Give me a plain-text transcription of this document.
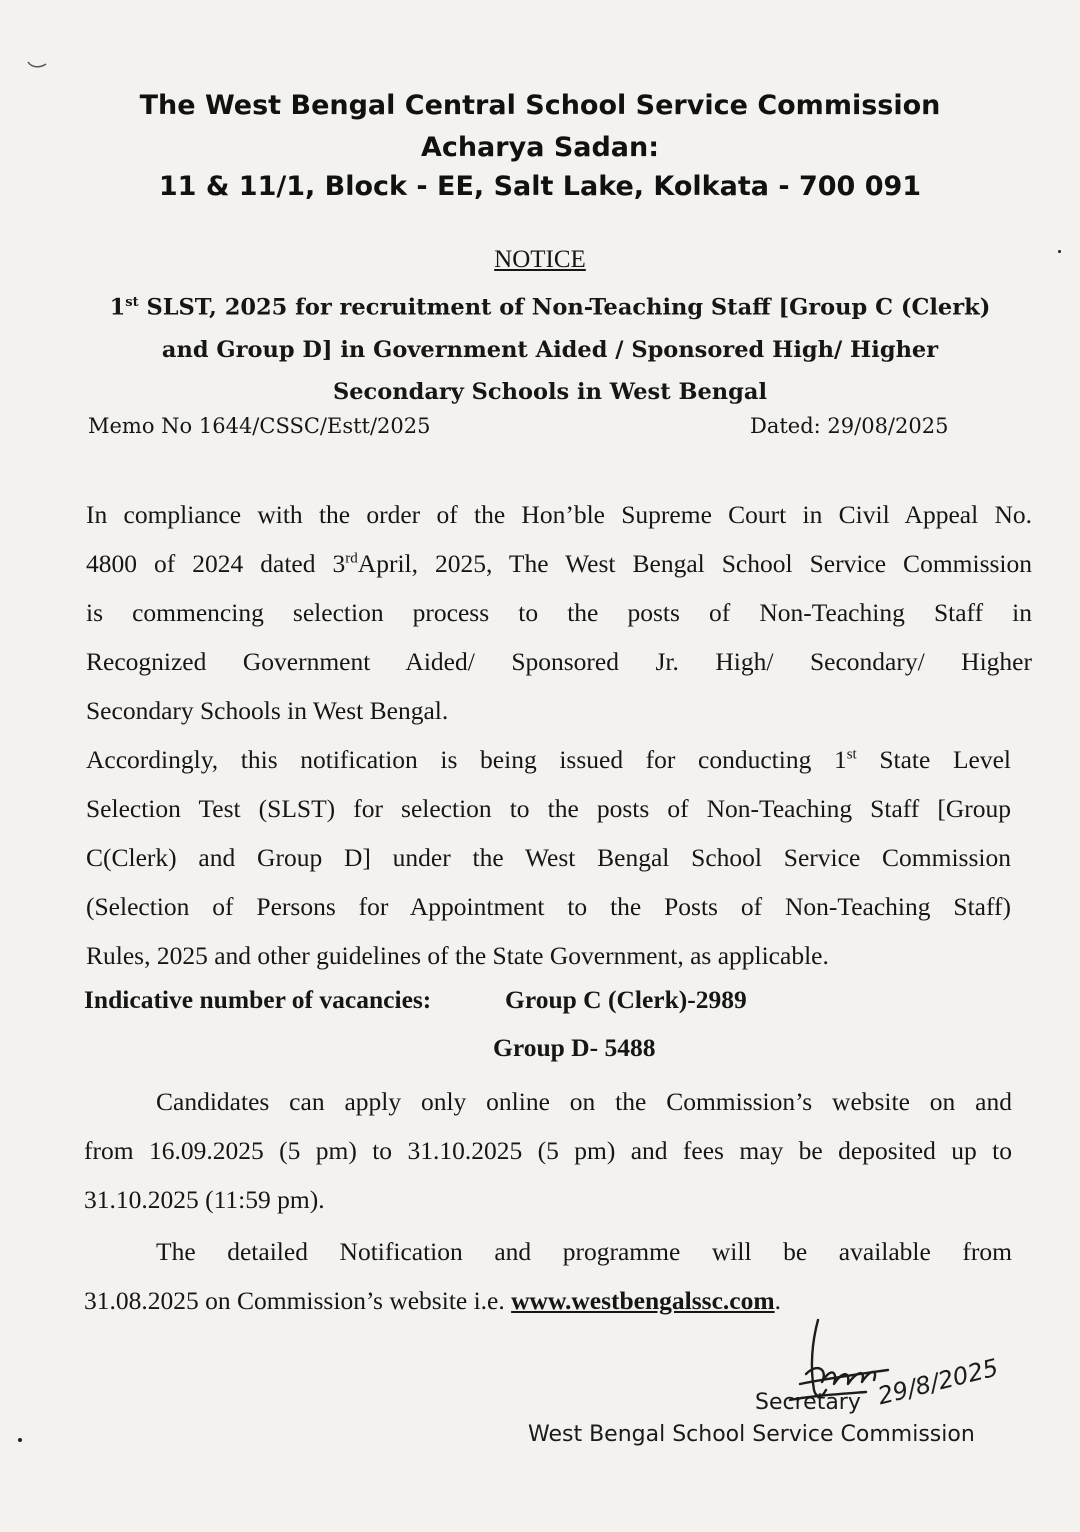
The West Bengal Central School Service Commission
Acharya Sadan:
11 & 11/1, Block - EE, Salt Lake, Kolkata - 700 091
NOTICE
1st SLST, 2025 for recruitment of Non-Teaching Staff [Group C (Clerk)
and Group D] in Government Aided / Sponsored High/ Higher
Secondary Schools in West Bengal
Memo No 1644/CSSC/Estt/2025	Dated: 29/08/2025
In compliance with the order of the Hon’ble Supreme Court in Civil Appeal No.
4800 of 2024 dated 3rdApril, 2025, The West Bengal School Service Commission
is commencing selection process to the posts of Non-Teaching Staff in
Recognized Government Aided/ Sponsored Jr. High/ Secondary/ Higher
Secondary Schools in West Bengal.
Accordingly, this notification is being issued for conducting 1st State Level
Selection Test (SLST) for selection to the posts of Non-Teaching Staff [Group
C(Clerk) and Group D] under the West Bengal School Service Commission
(Selection of Persons for Appointment to the Posts of Non-Teaching Staff)
Rules, 2025 and other guidelines of the State Government, as applicable.
Indicative number of vacancies:	Group C (Clerk)-2989
Group D- 5488
Candidates can apply only online on the Commission’s website on and
from 16.09.2025 (5 pm) to 31.10.2025 (5 pm) and fees may be deposited up to
31.10.2025 (11:59 pm).
The detailed Notification and programme will be available from
31.08.2025 on Commission’s website i.e. www.westbengalssc.com.
29/8/2025
Secretary
West Bengal School Service Commission
